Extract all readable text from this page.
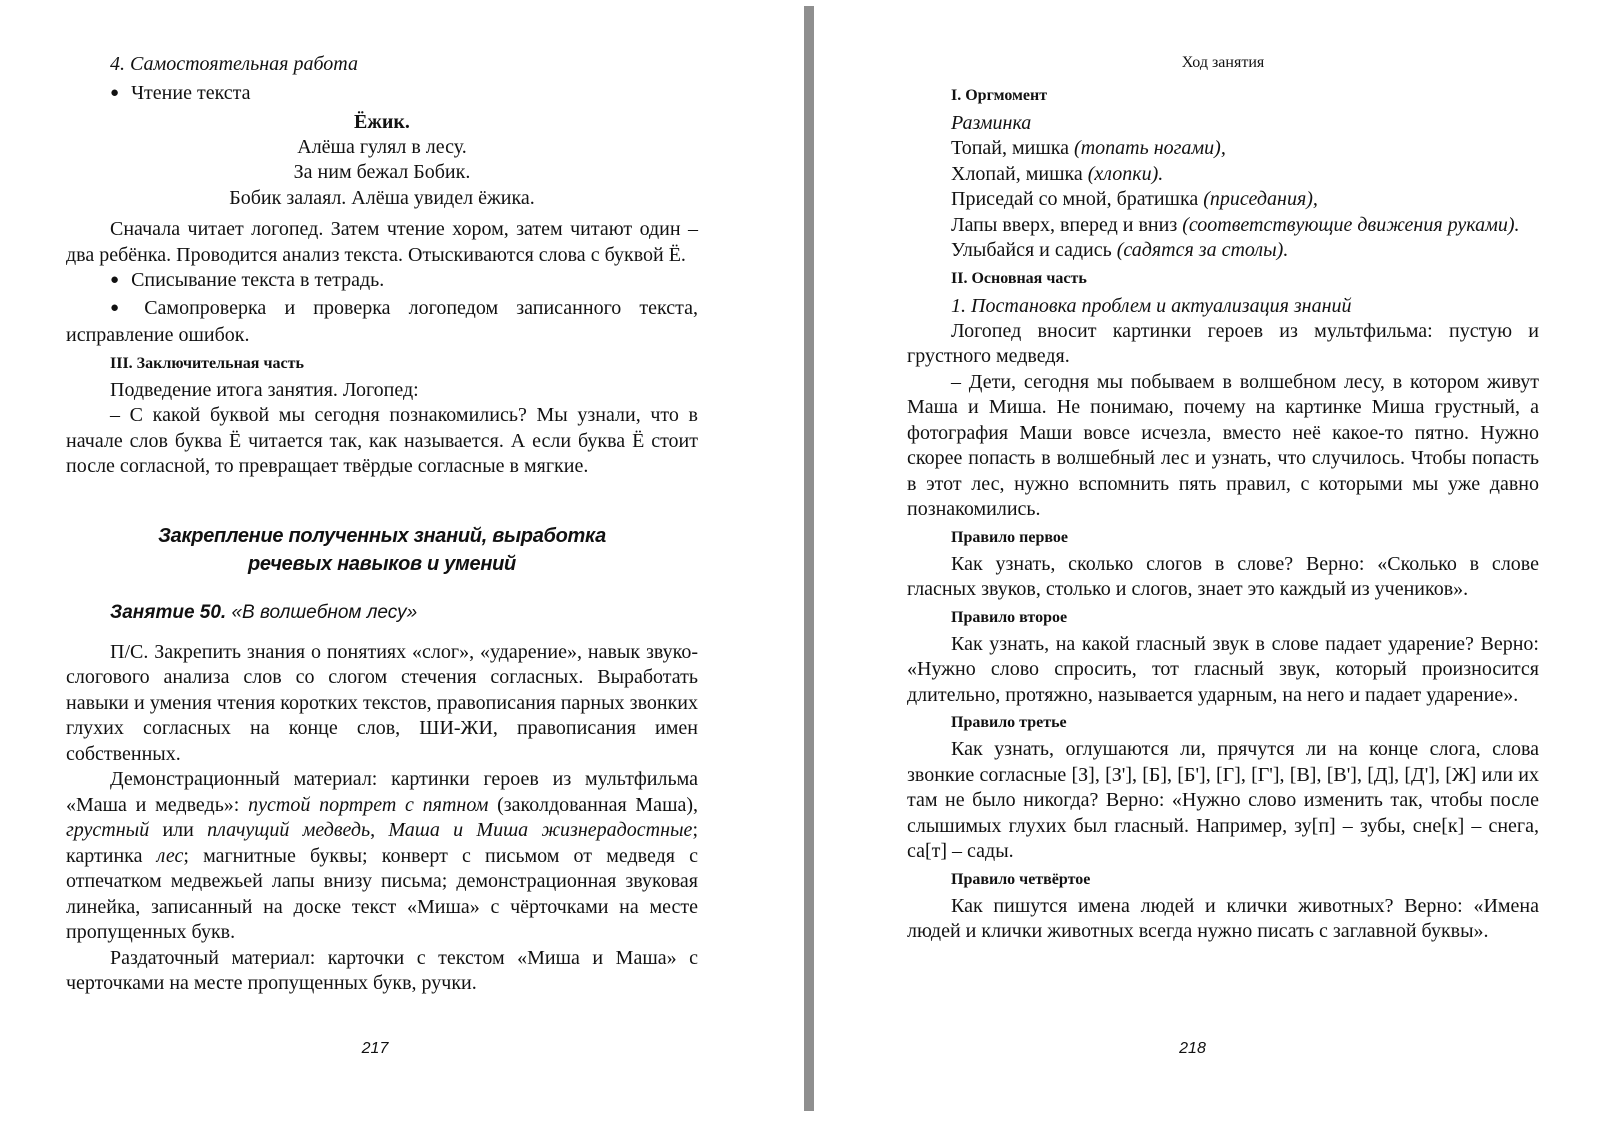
4. Самостоятельная работа

● Чтение текста

Ёжик.

Алёша гулял в лесу.

За ним бежал Бобик.

Бобик залаял. Алёша увидел ёжика.

Сначала читает логопед. Затем чтение хором, затем читают один – два ребёнка. Проводится анализ текста. Отыскиваются слова с буквой Ё.

● Списывание текста в тетрадь.

● Самопроверка и проверка логопедом записанного текста, исправление ошибок.

III. Заключительная часть

Подведение итога занятия. Логопед:

– С какой буквой мы сегодня познакомились? Мы узнали, что в начале слов буква Ё читается так, как называется. А если буква Ё стоит после согласной, то превращает твёрдые согласные в мягкие.

Закрепление полученных знаний, выработка

речевых навыков и умений

Занятие 50. «В волшебном лесу»

П/С. Закрепить знания о понятиях «слог», «ударение», навык звуко-слогового анализа слов со слогом стечения согласных. Выработать навыки и умения чтения коротких текстов, правописания парных звонких глухих согласных на конце слов, ШИ-ЖИ, правописания имен собственных.

Демонстрационный материал: картинки героев из мультфильма «Маша и медведь»: пустой портрет с пятном (заколдованная Маша), грустный или плачущий медведь, Маша и Миша жизнерадостные; картинка лес; магнитные буквы; конверт с письмом от медведя с отпечатком медвежьей лапы внизу письма; демонстрационная звуковая линейка, записанный на доске текст «Миша» с чёрточками на месте пропущенных букв.

Раздаточный материал: карточки с текстом «Миша и Маша» с черточками на месте пропущенных букв, ручки.

217

Ход занятия

I. Оргмомент

Разминка

Топай, мишка (топать ногами),

Хлопай, мишка (хлопки).

Приседай со мной, братишка (приседания),

Лапы вверх, вперед и вниз (соответствующие движения руками).

Улыбайся и садись (садятся за столы).

II. Основная часть

1. Постановка проблем и актуализация знаний

Логопед вносит картинки героев из мультфильма: пустую и грустного медведя.

– Дети, сегодня мы побываем в волшебном лесу, в котором живут Маша и Миша. Не понимаю, почему на картинке Миша грустный, а фотография Маши вовсе исчезла, вместо неё какое-то пятно. Нужно скорее попасть в волшебный лес и узнать, что случилось. Чтобы попасть в этот лес, нужно вспомнить пять правил, с которыми мы уже давно познакомились.

Правило первое

Как узнать, сколько слогов в слове? Верно: «Сколько в слове гласных звуков, столько и слогов, знает это каждый из учеников».

Правило второе

Как узнать, на какой гласный звук в слове падает ударение? Верно: «Нужно слово спросить, тот гласный звук, который произносится длительно, протяжно, называется ударным, на него и падает ударение».

Правило третье

Как узнать, оглушаются ли, прячутся ли на конце слога, слова звонкие согласные [З], [З'], [Б], [Б'], [Г], [Г'], [В], [В'], [Д], [Д'], [Ж] или их там не было никогда? Верно: «Нужно слово изменить так, чтобы после слышимых глухих был гласный. Например, зу[п] – зубы, сне[к] – снега, са[т] – сады.

Правило четвёртое

Как пишутся имена людей и клички животных? Верно: «Имена людей и клички животных всегда нужно писать с заглавной буквы».

218
